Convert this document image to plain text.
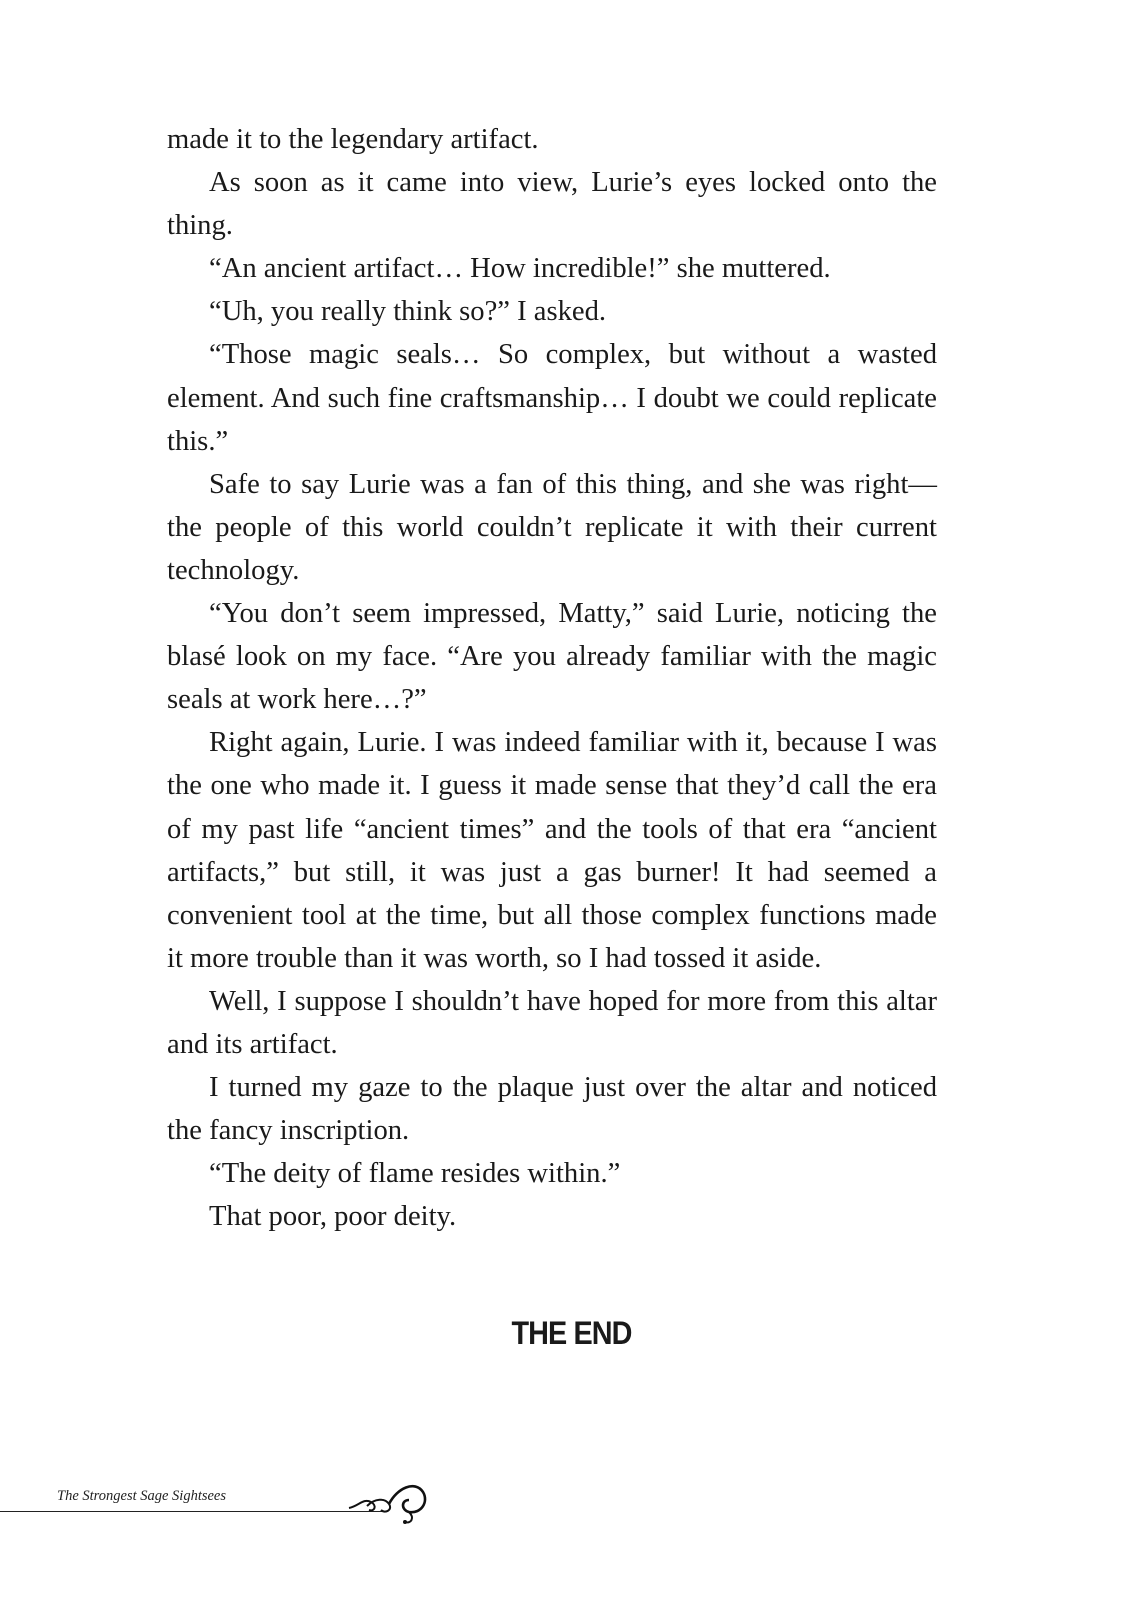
made it to the legendary artifact.

As soon as it came into view, Lurie’s eyes locked onto the thing.

“An ancient artifact… How incredible!” she muttered.

“Uh, you really think so?” I asked.

“Those magic seals… So complex, but without a wasted element. And such fine craftsmanship… I doubt we could replicate this.”

Safe to say Lurie was a fan of this thing, and she was right—the people of this world couldn’t replicate it with their current technology.

“You don’t seem impressed, Matty,” said Lurie, noticing the blasé look on my face. “Are you already familiar with the magic seals at work here…?”

Right again, Lurie. I was indeed familiar with it, because I was the one who made it. I guess it made sense that they’d call the era of my past life “ancient times” and the tools of that era “ancient artifacts,” but still, it was just a gas burner! It had seemed a convenient tool at the time, but all those complex functions made it more trouble than it was worth, so I had tossed it aside.

Well, I suppose I shouldn’t have hoped for more from this altar and its artifact.

I turned my gaze to the plaque just over the altar and noticed the fancy inscription.

“The deity of flame resides within.”

That poor, poor deity.

THE END
The Strongest Sage Sightsees
